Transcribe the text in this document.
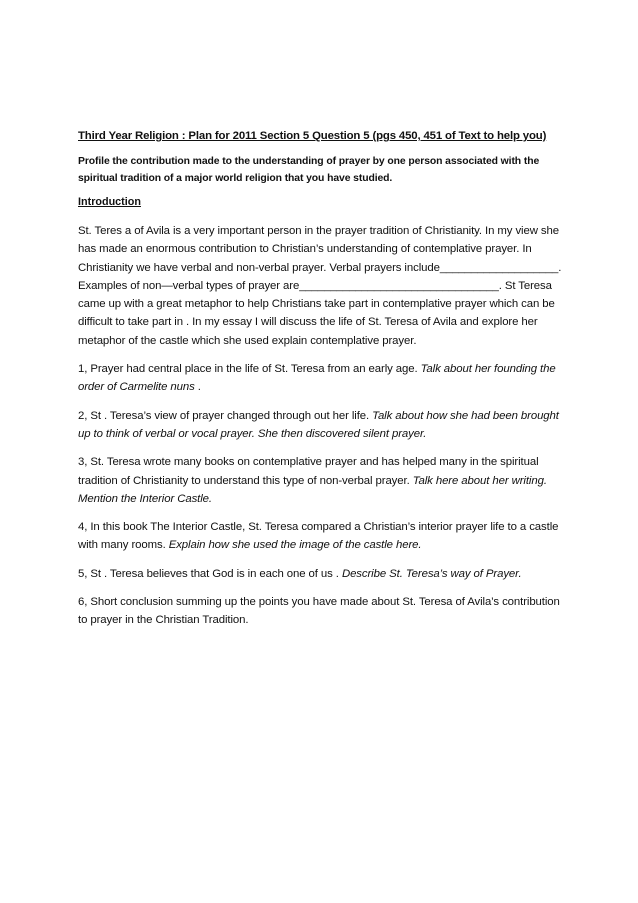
Third Year Religion : Plan for 2011 Section 5 Question 5 (pgs 450, 451 of Text to help you)
Profile the contribution made to the understanding of prayer by one person associated with the spiritual tradition of a major world religion that you have studied.
Introduction

St. Teres a of Avila is a very important person in the prayer tradition of Christianity. In my view she has made an enormous contribution to Christian’s understanding of contemplative prayer. In Christianity we have verbal and non-verbal prayer. Verbal prayers include___________________. Examples of non—verbal types of prayer are________________________________. St Teresa came up with a great metaphor to help Christians take part in contemplative prayer which can be difficult to take part in . In my essay I will discuss the life of St. Teresa of Avila and explore her metaphor of the castle which she used explain contemplative prayer.

1, Prayer had central place in the life of St. Teresa from an early age. Talk about her founding the order of Carmelite nuns .

2, St . Teresa’s view of prayer changed through out her life. Talk about how she had been brought up to think of verbal or vocal prayer. She then discovered silent prayer.

3, St. Teresa wrote many books on contemplative prayer and has helped many in the spiritual tradition of Christianity to understand this type of non-verbal prayer. Talk here about her writing. Mention the Interior Castle.

4, In this book The Interior Castle, St. Teresa compared a Christian’s interior prayer life to a castle with many rooms. Explain how she used the image of the castle here.

5, St . Teresa believes that God is in each one of us . Describe St. Teresa’s way of Prayer.

6, Short conclusion summing up the points you have made about St. Teresa of Avila’s contribution to prayer in the Christian Tradition.
